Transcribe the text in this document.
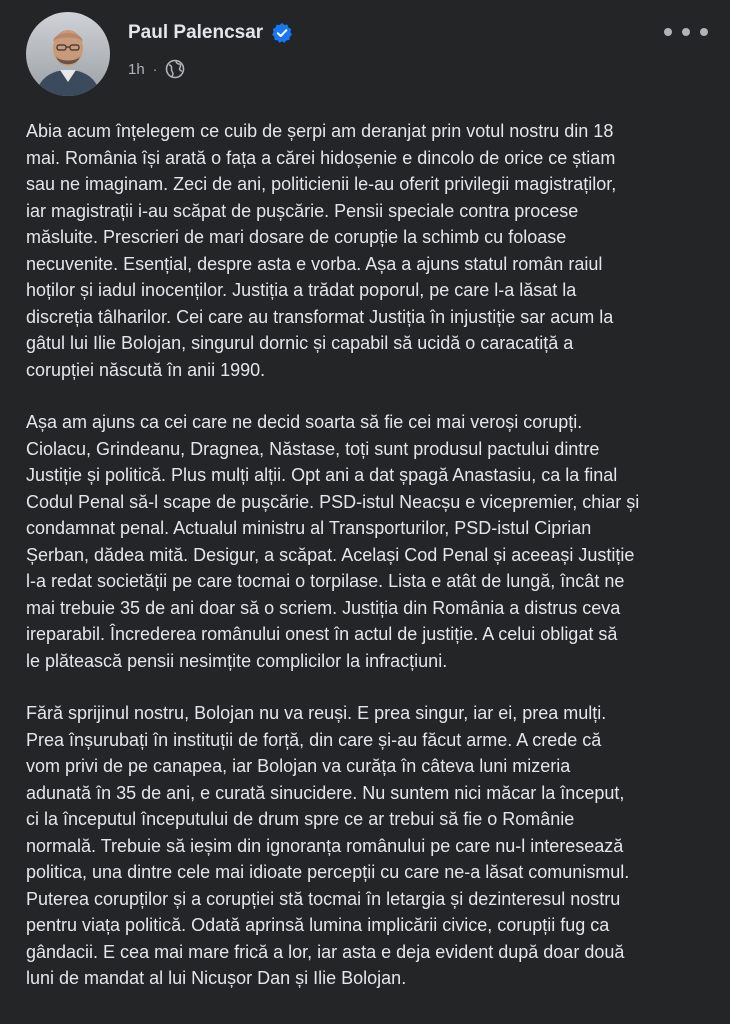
Paul Palencsar
1h ·

Abia acum înțelegem ce cuib de șerpi am deranjat prin votul nostru din 18
mai. România își arată o fața a cărei hidoșenie e dincolo de orice ce știam
sau ne imaginam. Zeci de ani, politicienii le-au oferit privilegii magistraților,
iar magistrații i-au scăpat de pușcărie. Pensii speciale contra procese
măsluite. Prescrieri de mari dosare de corupție la schimb cu foloase
necuvenite. Esențial, despre asta e vorba. Așa a ajuns statul român raiul
hoților și iadul inocenților. Justiția a trădat poporul, pe care l-a lăsat la
discreția tâlharilor. Cei care au transformat Justiția în injustiție sar acum la
gâtul lui Ilie Bolojan, singurul dornic și capabil să ucidă o caracatiță a
corupției născută în anii 1990.

Așa am ajuns ca cei care ne decid soarta să fie cei mai veroși corupți.
Ciolacu, Grindeanu, Dragnea, Năstase, toți sunt produsul pactului dintre
Justiție și politică. Plus mulți alții. Opt ani a dat șpagă Anastasiu, ca la final
Codul Penal să-l scape de pușcărie. PSD-istul Neacșu e vicepremier, chiar și
condamnat penal. Actualul ministru al Transporturilor, PSD-istul Ciprian
Șerban, dădea mită. Desigur, a scăpat. Același Cod Penal și aceeași Justiție
l-a redat societății pe care tocmai o torpilase. Lista e atât de lungă, încât ne
mai trebuie 35 de ani doar să o scriem. Justiția din România a distrus ceva
ireparabil. Încrederea românului onest în actul de justiție. A celui obligat să
le plătească pensii nesimțite complicilor la infracțiuni.

Fără sprijinul nostru, Bolojan nu va reuși. E prea singur, iar ei, prea mulți.
Prea înșurubați în instituții de forță, din care și-au făcut arme. A crede că
vom privi de pe canapea, iar Bolojan va curăța în câteva luni mizeria
adunată în 35 de ani, e curată sinucidere. Nu suntem nici măcar la început,
ci la începutul începutului de drum spre ce ar trebui să fie o Românie
normală. Trebuie să ieșim din ignoranța românului pe care nu-l interesează
politica, una dintre cele mai idioate percepții cu care ne-a lăsat comunismul.
Puterea corupților și a corupției stă tocmai în letargia și dezinteresul nostru
pentru viața politică. Odată aprinsă lumina implicării civice, corupții fug ca
gândacii. E cea mai mare frică a lor, iar asta e deja evident după doar două
luni de mandat al lui Nicușor Dan și Ilie Bolojan.
